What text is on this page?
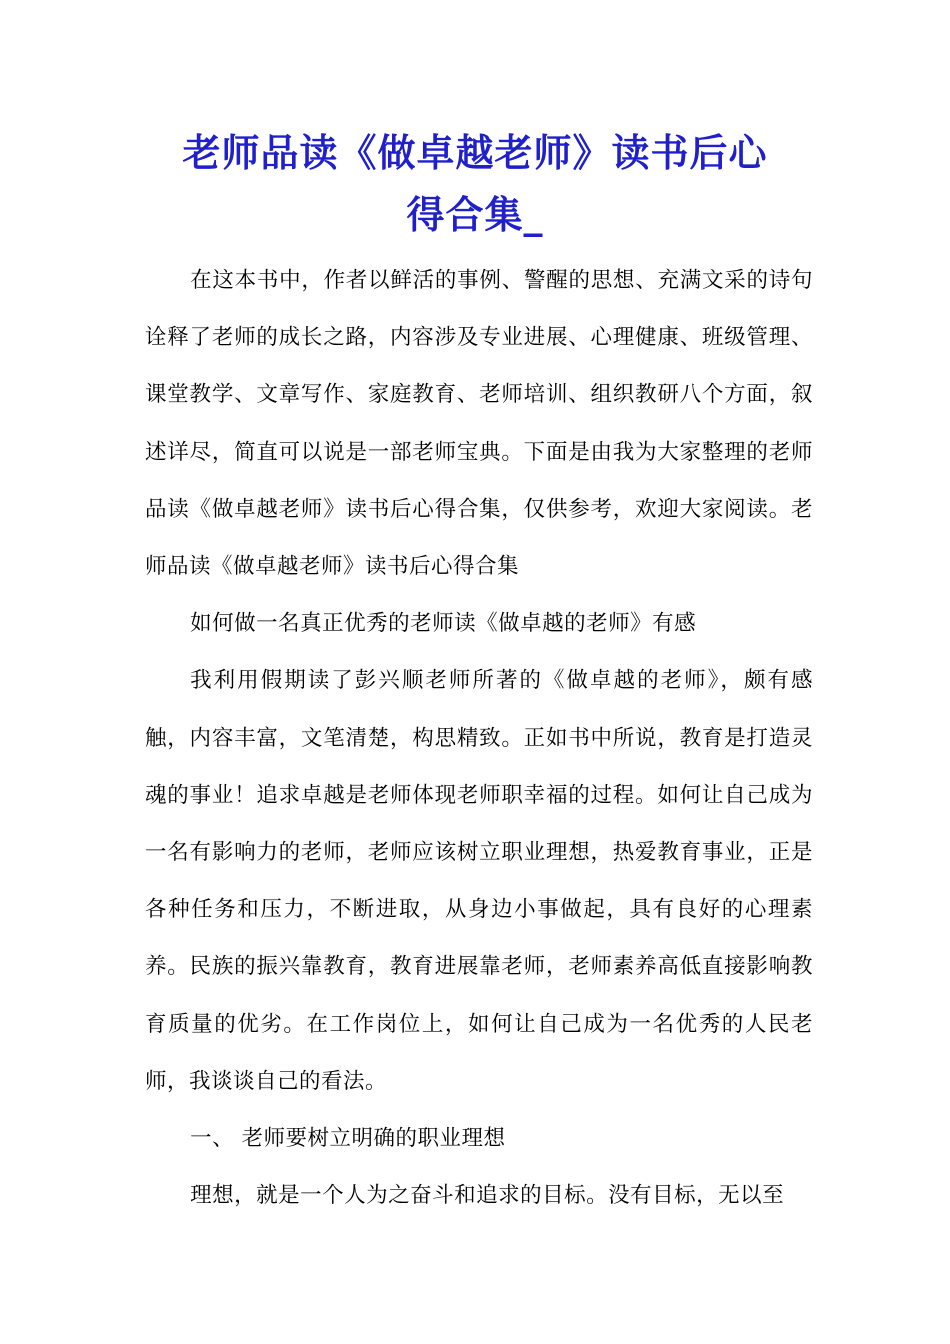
老师品读《做卓越老师》读书后心
得合集_

在这本书中，作者以鲜活的事例、警醒的思想、充满文采的诗句诠释了老师的成长之路，内容涉及专业进展、心理健康、班级管理、课堂教学、文章写作、家庭教育、老师培训、组织教研八个方面，叙述详尽，简直可以说是一部老师宝典。下面是由我为大家整理的老师品读《做卓越老师》读书后心得合集，仅供参考，欢迎大家阅读。老师品读《做卓越老师》读书后心得合集

如何做一名真正优秀的老师读《做卓越的老师》有感

我利用假期读了彭兴顺老师所著的《做卓越的老师》，颇有感触，内容丰富，文笔清楚，构思精致。正如书中所说，教育是打造灵魂的事业！追求卓越是老师体现老师职幸福的过程。如何让自己成为一名有影响力的老师，老师应该树立职业理想，热爱教育事业，正是各种任务和压力，不断进取，从身边小事做起，具有良好的心理素养。民族的振兴靠教育，教育进展靠老师，老师素养高低直接影响教育质量的优劣。在工作岗位上，如何让自己成为一名优秀的人民老师，我谈谈自己的看法。

一、 老师要树立明确的职业理想

理想，就是一个人为之奋斗和追求的目标。没有目标，无以至
